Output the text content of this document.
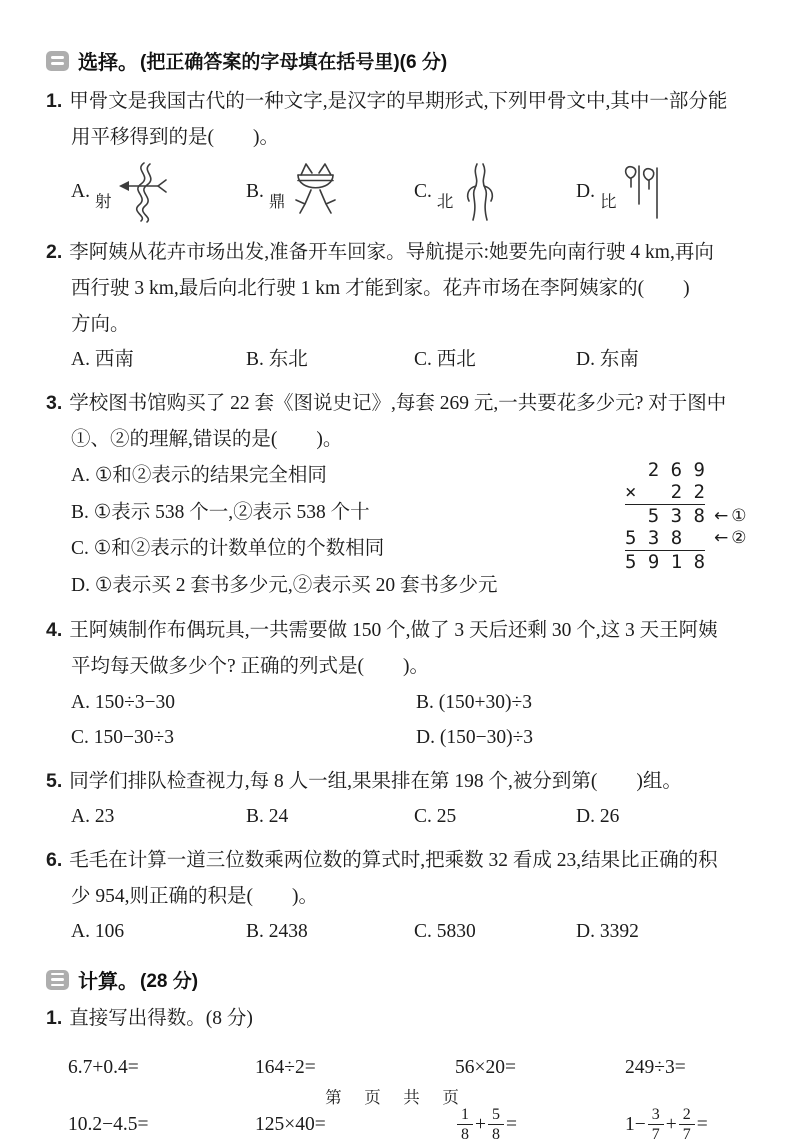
选择。 (把正确答案的字母填在括号里)(6 分)
1. 甲骨文是我国古代的一种文字,是汉字的早期形式,下列甲骨文中,其中一部分能
用平移得到的是(　　)。
A. 射	B. 鼎	C. 北	D. 比
2. 李阿姨从花卉市场出发,准备开车回家。导航提示:她要先向南行驶 4 km,再向
西行驶 3 km,最后向北行驶 1 km 才能到家。花卉市场在李阿姨家的(　　)
方向。
A. 西南	B. 东北	C. 西北	D. 东南
3. 学校图书馆购买了 22 套《图说史记》,每套 269 元,一共要花多少元? 对于图中
①、②的理解,错误的是(　　)。
A. ①和②表示的结果完全相同
B. ①表示 538 个一,②表示 538 个十
C. ①和②表示的计数单位的个数相同
D. ①表示买 2 套书多少元,②表示买 20 套书多少元
2 6 9
× 2 2
5 3 8 ←①
5 3 8 ←②
5 9 1 8
4. 王阿姨制作布偶玩具,一共需要做 150 个,做了 3 天后还剩 30 个,这 3 天王阿姨
平均每天做多少个? 正确的列式是(　　)。
A. 150÷3−30	B. (150+30)÷3
C. 150−30÷3	D. (150−30)÷3
5. 同学们排队检查视力,每 8 人一组,果果排在第 198 个,被分到第(　　)组。
A. 23	B. 24	C. 25	D. 26
6. 毛毛在计算一道三位数乘两位数的算式时,把乘数 32 看成 23,结果比正确的积
少 954,则正确的积是(　　)。
A. 106	B. 2438	C. 5830	D. 3392
计算。 (28 分)
1. 直接写出得数。(8 分)
6.7+0.4=	164÷2=	56×20=	249÷3=
10.2−4.5=	125×40=	$\frac{1}{8} + \frac{5}{8}$ =	$1- \frac{3}{7} + \frac{2}{7}$ =
第 页 共 页
